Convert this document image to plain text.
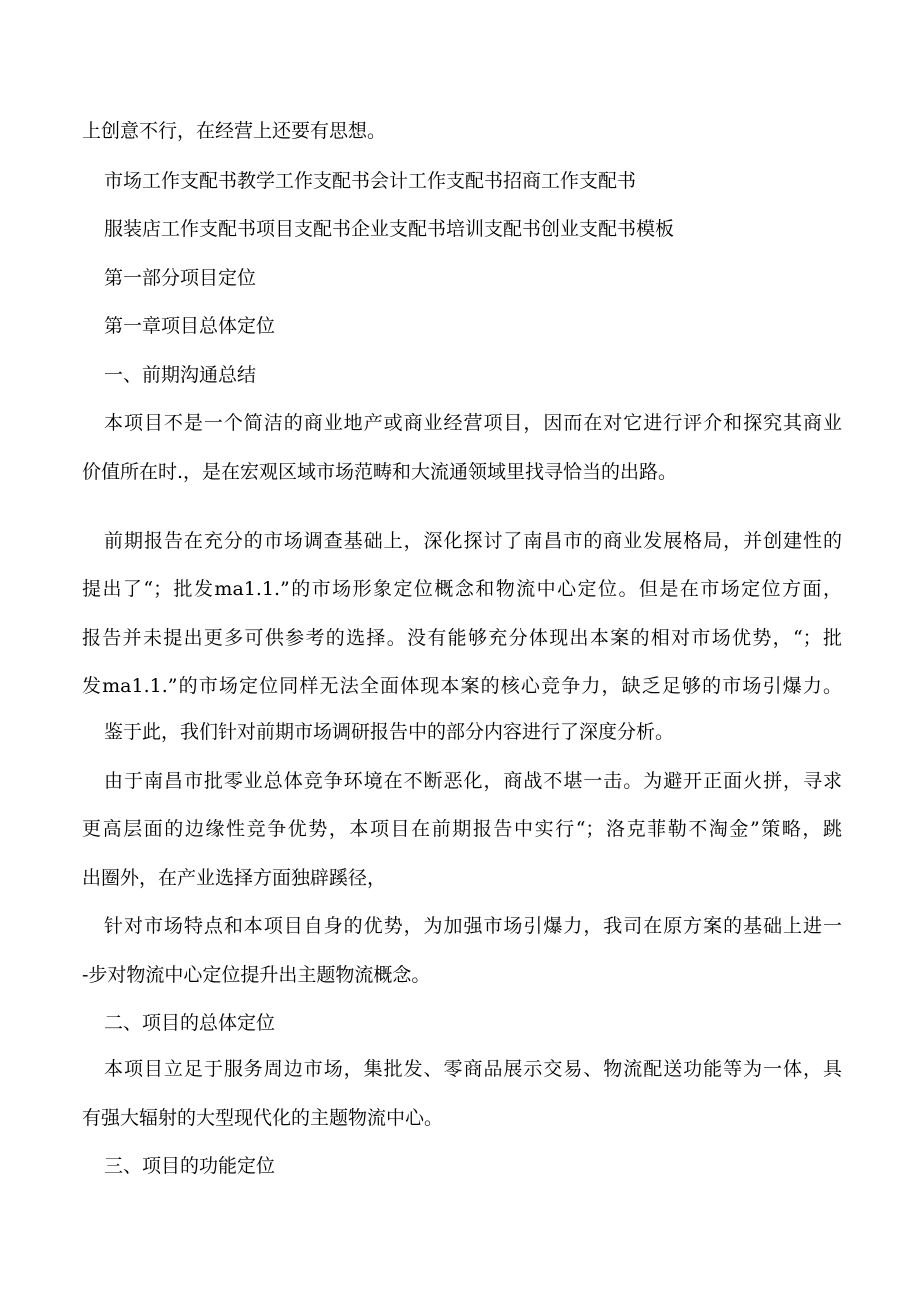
上创意不行，在经营上还要有思想。
市场工作支配书教学工作支配书会计工作支配书招商工作支配书
服装店工作支配书项目支配书企业支配书培训支配书创业支配书模板
第一部分项目定位
第一章项目总体定位
一、前期沟通总结
本项目不是一个简洁的商业地产或商业经营项目，因而在对它进行评介和探究其商业
价值所在时.，是在宏观区域市场范畴和大流通领域里找寻恰当的出路。
前期报告在充分的市场调查基础上，深化探讨了南昌市的商业发展格局，并创建性的
提出了“；批发ma1.1.”的市场形象定位概念和物流中心定位。但是在市场定位方面，
报告并未提出更多可供参考的选择。没有能够充分体现出本案的相对市场优势，“；批
发ma1.1.”的市场定位同样无法全面体现本案的核心竞争力，缺乏足够的市场引爆力。
鉴于此，我们针对前期市场调研报告中的部分内容进行了深度分析。
由于南昌市批零业总体竞争环境在不断恶化，商战不堪一击。为避开正面火拼，寻求
更高层面的边缘性竞争优势，本项目在前期报告中实行“；洛克菲勒不淘金”策略，跳
出圈外，在产业选择方面独辟蹊径，
针对市场特点和本项目自身的优势，为加强市场引爆力，我司在原方案的基础上进一
-步对物流中心定位提升出主题物流概念。
二、项目的总体定位
本项目立足于服务周边市场，集批发、零商品展示交易、物流配送功能等为一体，具
有强大辐射的大型现代化的主题物流中心。
三、项目的功能定位
